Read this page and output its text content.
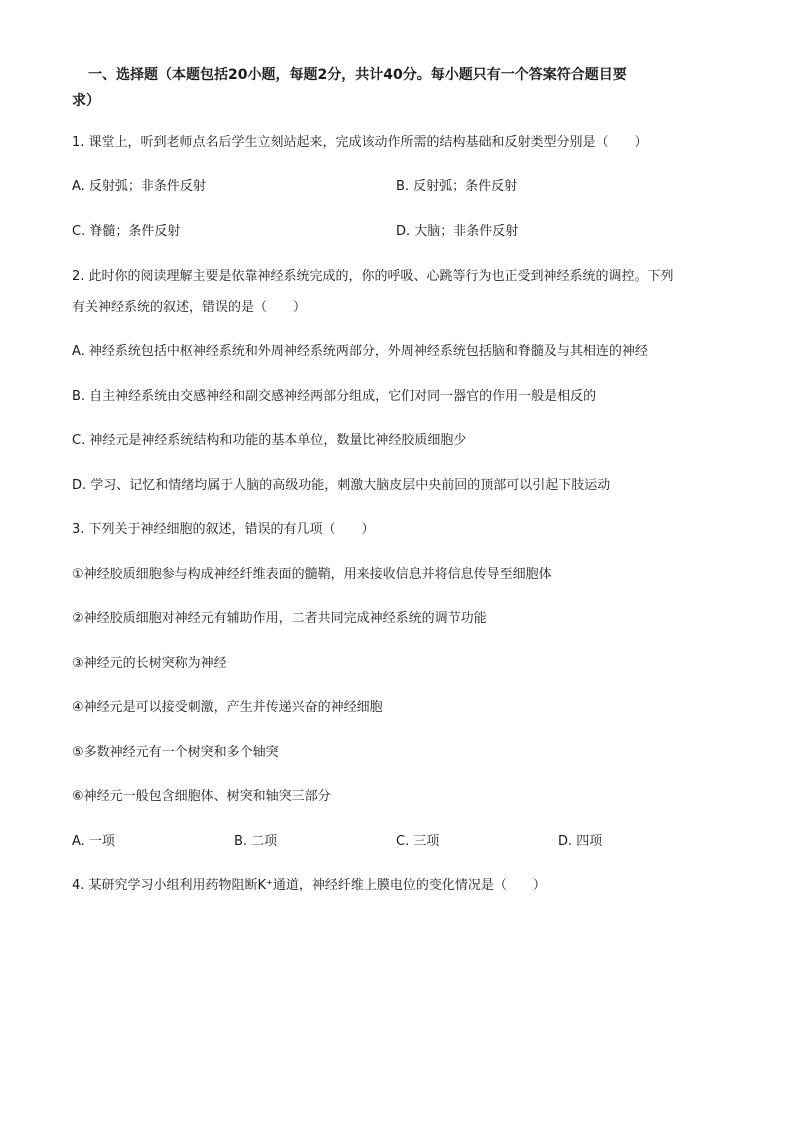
一、选择题（本题包括20小题，每题2分，共计40分。每小题只有一个答案符合题目要
求）
1. 课堂上，听到老师点名后学生立刻站起来，完成该动作所需的结构基础和反射类型分别是（　　）
A. 反射弧；非条件反射	B. 反射弧；条件反射
C. 脊髓；条件反射	D. 大脑；非条件反射
2. 此时你的阅读理解主要是依靠神经系统完成的，你的呼吸、心跳等行为也正受到神经系统的调控。下列
有关神经系统的叙述，错误的是（　　）
A. 神经系统包括中枢神经系统和外周神经系统两部分，外周神经系统包括脑和脊髓及与其相连的神经
B. 自主神经系统由交感神经和副交感神经两部分组成，它们对同一器官的作用一般是相反的
C. 神经元是神经系统结构和功能的基本单位，数量比神经胶质细胞少
D. 学习、记忆和情绪均属于人脑的高级功能，刺激大脑皮层中央前回的顶部可以引起下肢运动
3. 下列关于神经细胞的叙述，错误的有几项（　　）
①神经胶质细胞参与构成神经纤维表面的髓鞘，用来接收信息并将信息传导至细胞体
②神经胶质细胞对神经元有辅助作用，二者共同完成神经系统的调节功能
③神经元的长树突称为神经
④神经元是可以接受刺激，产生并传递兴奋的神经细胞
⑤多数神经元有一个树突和多个轴突
⑥神经元一般包含细胞体、树突和轴突三部分
A. 一项	B. 二项	C. 三项	D. 四项
4. 某研究学习小组利用药物阻断K⁺通道，神经纤维上膜电位的变化情况是（　　）
